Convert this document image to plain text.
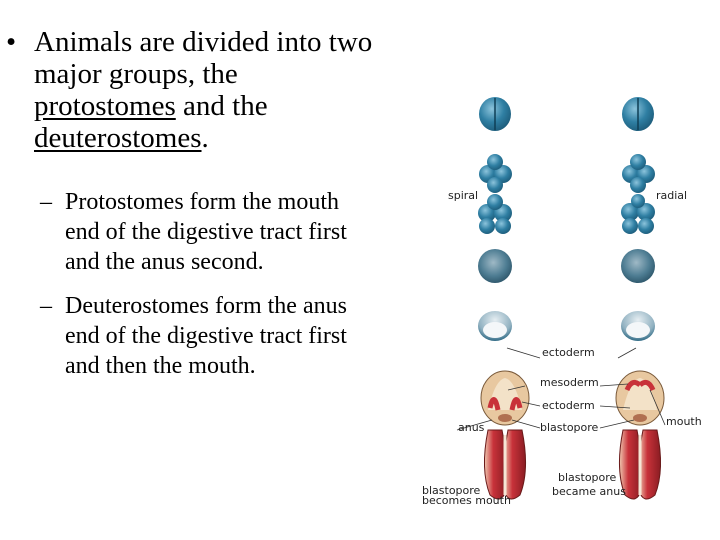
• Animals are divided into two
major groups, the
protostomes and the
deuterostomes.
– Protostomes form the mouth
end of the digestive tract first
and the anus second.
– Deuterostomes form the anus
end of the digestive tract first
and then the mouth.
spiral	radial
ectoderm
mesoderm
ectoderm
anus	blastopore	mouth
blastopore
becomes mouth
blastopore
became anus
